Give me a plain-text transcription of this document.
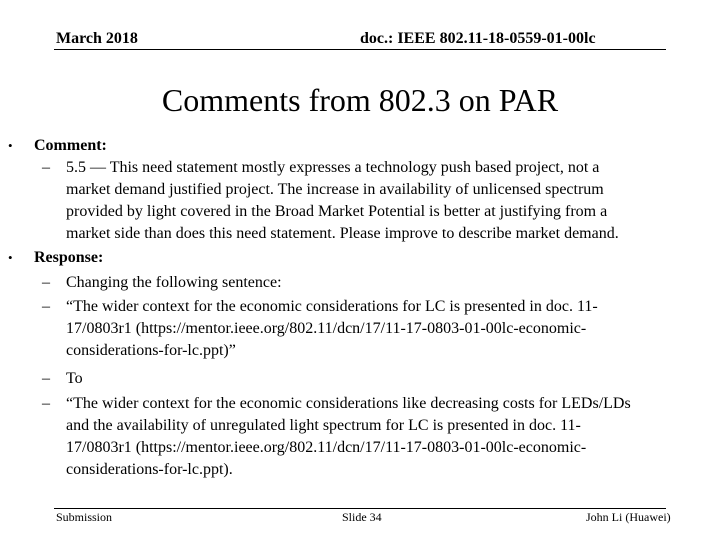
March 2018	doc.: IEEE 802.11-18-0559-01-00lc
Comments from 802.3 on PAR
• Comment:
– 5.5 — This need statement mostly expresses a technology push based project, not a
market demand justified project. The increase in availability of unlicensed spectrum
provided by light covered in the Broad Market Potential is better at justifying from a
market side than does this need statement. Please improve to describe market demand.
• Response:
– Changing the following sentence:
– “The wider context for the economic considerations for LC is presented in doc. 11-
17/0803r1 (https://mentor.ieee.org/802.11/dcn/17/11-17-0803-01-00lc-economic-
considerations-for-lc.ppt)”
– To
– “The wider context for the economic considerations like decreasing costs for LEDs/LDs
and the availability of unregulated light spectrum for LC is presented in doc. 11-
17/0803r1 (https://mentor.ieee.org/802.11/dcn/17/11-17-0803-01-00lc-economic-
considerations-for-lc.ppt).
Submission	Slide 34	John Li (Huawei)
